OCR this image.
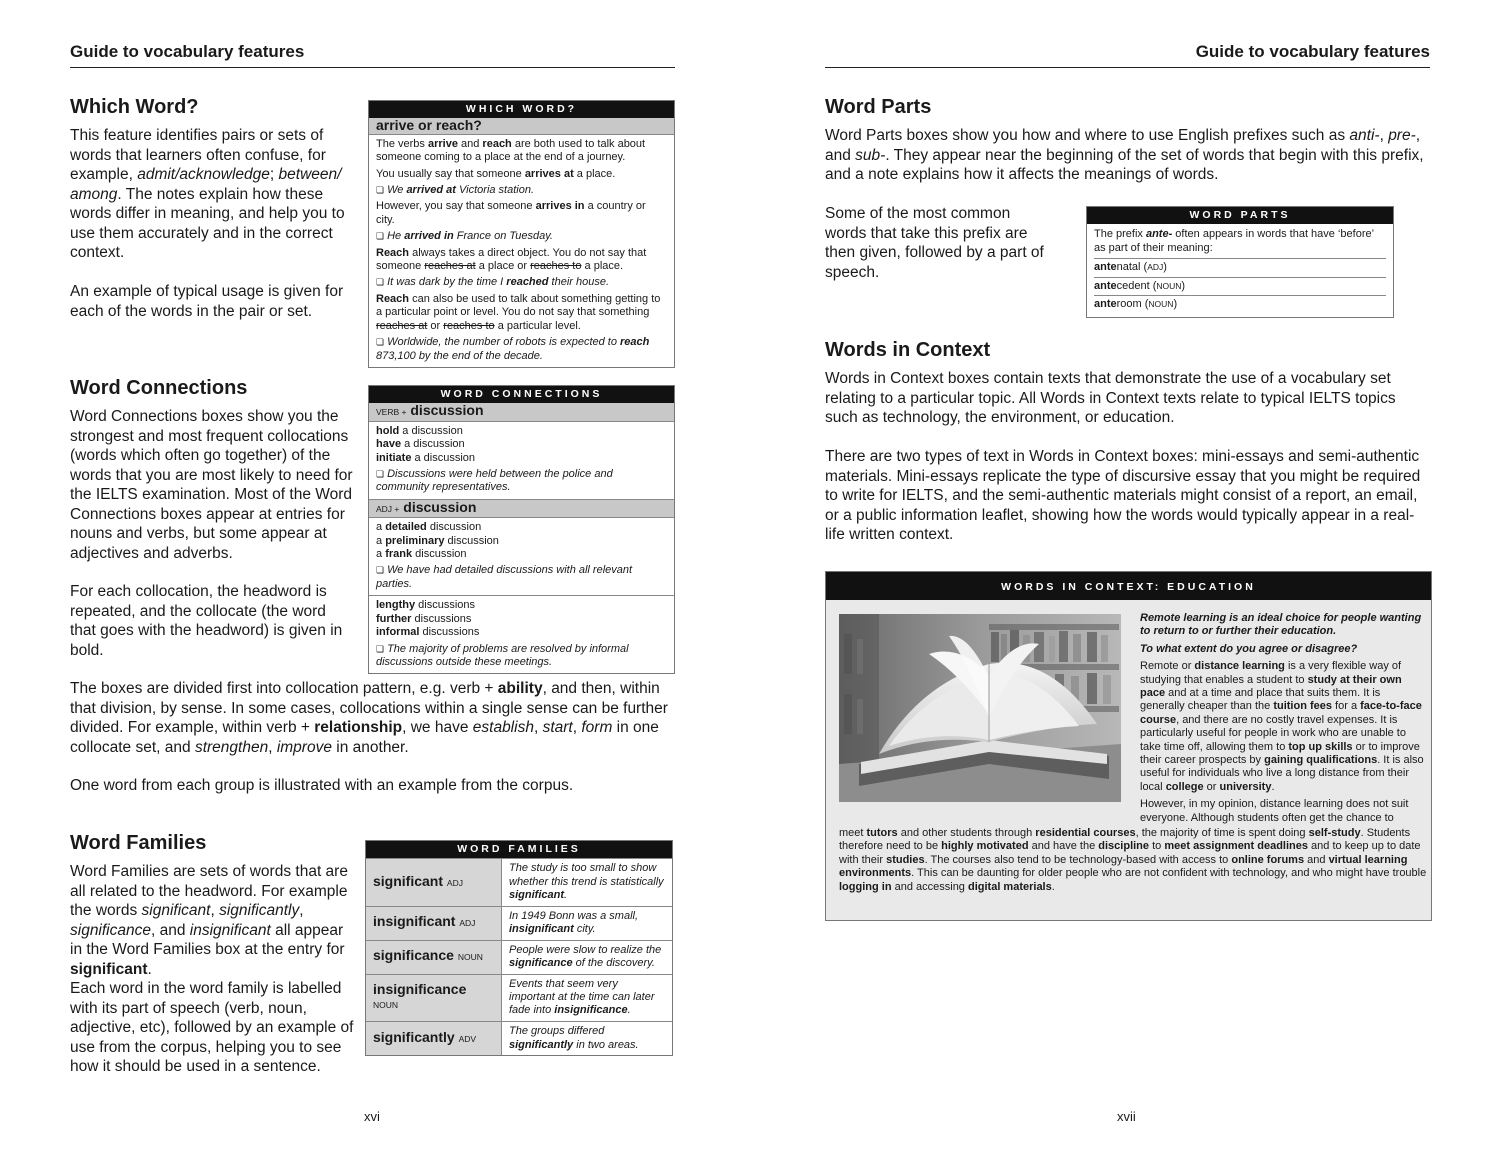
Guide to vocabulary features
Which Word?

This feature identifies pairs or sets of words that learners often confuse, for example, admit/acknowledge; between/ among. The notes explain how these words differ in meaning, and help you to use them accurately and in the correct context.

An example of typical usage is given for each of the words in the pair or set.

WHICH WORD?
arrive or reach?

The verbs arrive and reach are both used to talk about someone coming to a place at the end of a journey.

You usually say that someone arrives at a place.

❏ We arrived at Victoria station.

However, you say that someone arrives in a country or city.

❏ He arrived in France on Tuesday.

Reach always takes a direct object. You do not say that someone reaches at a place or reaches to a place.

❏ It was dark by the time I reached their house.

Reach can also be used to talk about something getting to a particular point or level. You do not say that something reaches at or reaches to a particular level.

❏ Worldwide, the number of robots is expected to reach 873,100 by the end of the decade.

Word Connections

Word Connections boxes show you the strongest and most frequent collocations (words which often go together) of the words that you are most likely to need for the IELTS examination. Most of the Word Connections boxes appear at entries for nouns and verbs, but some appear at adjectives and adverbs.

For each collocation, the headword is repeated, and the collocate (the word that goes with the headword) is given in bold.

WORD CONNECTIONS
VERB + discussion
hold a discussion
have a discussion
initiate a discussion
❏ Discussions were held between the police and community representatives.
ADJ + discussion
a detailed discussion
a preliminary discussion
a frank discussion
❏ We have had detailed discussions with all relevant parties.
lengthy discussions
further discussions
informal discussions
❏ The majority of problems are resolved by informal discussions outside these meetings.

The boxes are divided first into collocation pattern, e.g. verb + ability, and then, within that division, by sense. In some cases, collocations within a single sense can be further divided. For example, within verb + relationship, we have establish, start, form in one collocate set, and strengthen, improve in another.

One word from each group is illustrated with an example from the corpus.

Word Families

Word Families are sets of words that are all related to the headword. For example the words significant, significantly, significance, and insignificant all appear in the Word Families box at the entry for significant.

Each word in the word family is labelled with its part of speech (verb, noun, adjective, etc), followed by an example of use from the corpus, helping you to see how it should be used in a sentence.

WORD FAMILIES
significant ADJ	The study is too small to show whether this trend is statistically significant.
insignificant ADJ	In 1949 Bonn was a small, insignificant city.
significance NOUN	People were slow to realize the significance of the discovery.
insignificance
NOUN	Events that seem very important at the time can later fade into insignificance.
significantly ADV	The groups differed significantly in two areas.
xvi
Guide to vocabulary features
Word Parts

Word Parts boxes show you how and where to use English prefixes such as anti-, pre-, and sub-. They appear near the beginning of the set of words that begin with this prefix, and a note explains how it affects the meanings of words.

Some of the most common words that take this prefix are then given, followed by a part of speech.

WORD PARTS
The prefix ante- often appears in words that have ‘before’ as part of their meaning:
antenatal (ADJ)
antecedent (NOUN)
anteroom (NOUN)
Words in Context

Words in Context boxes contain texts that demonstrate the use of a vocabulary set relating to a particular topic. All Words in Context texts relate to typical IELTS topics such as technology, the environment, or education.

There are two types of text in Words in Context boxes: mini-essays and semi-authentic materials. Mini-essays replicate the type of discursive essay that you might be required to write for IELTS, and the semi-authentic materials might consist of a report, an email, or a public information leaflet, showing how the words would typically appear in a real-life written context.

WORDS IN CONTEXT: EDUCATION

Remote learning is an ideal choice for people wanting to return to or further their education.

To what extent do you agree or disagree?

Remote or distance learning is a very flexible way of studying that enables a student to study at their own pace and at a time and place that suits them. It is generally cheaper than the tuition fees for a face-to-face course, and there are no costly travel expenses. It is particularly useful for people in work who are unable to take time off, allowing them to top up skills or to improve their career prospects by gaining qualifications. It is also useful for individuals who live a long distance from their local college or university.

However, in my opinion, distance learning does not suit everyone. Although students often get the chance to

meet tutors and other students through residential courses, the majority of time is spent doing self-study. Students therefore need to be highly motivated and have the discipline to meet assignment deadlines and to keep up to date with their studies. The courses also tend to be technology-based with access to online forums and virtual learning environments. This can be daunting for older people who are not confident with technology, and who might have trouble logging in and accessing digital materials.
xvii
